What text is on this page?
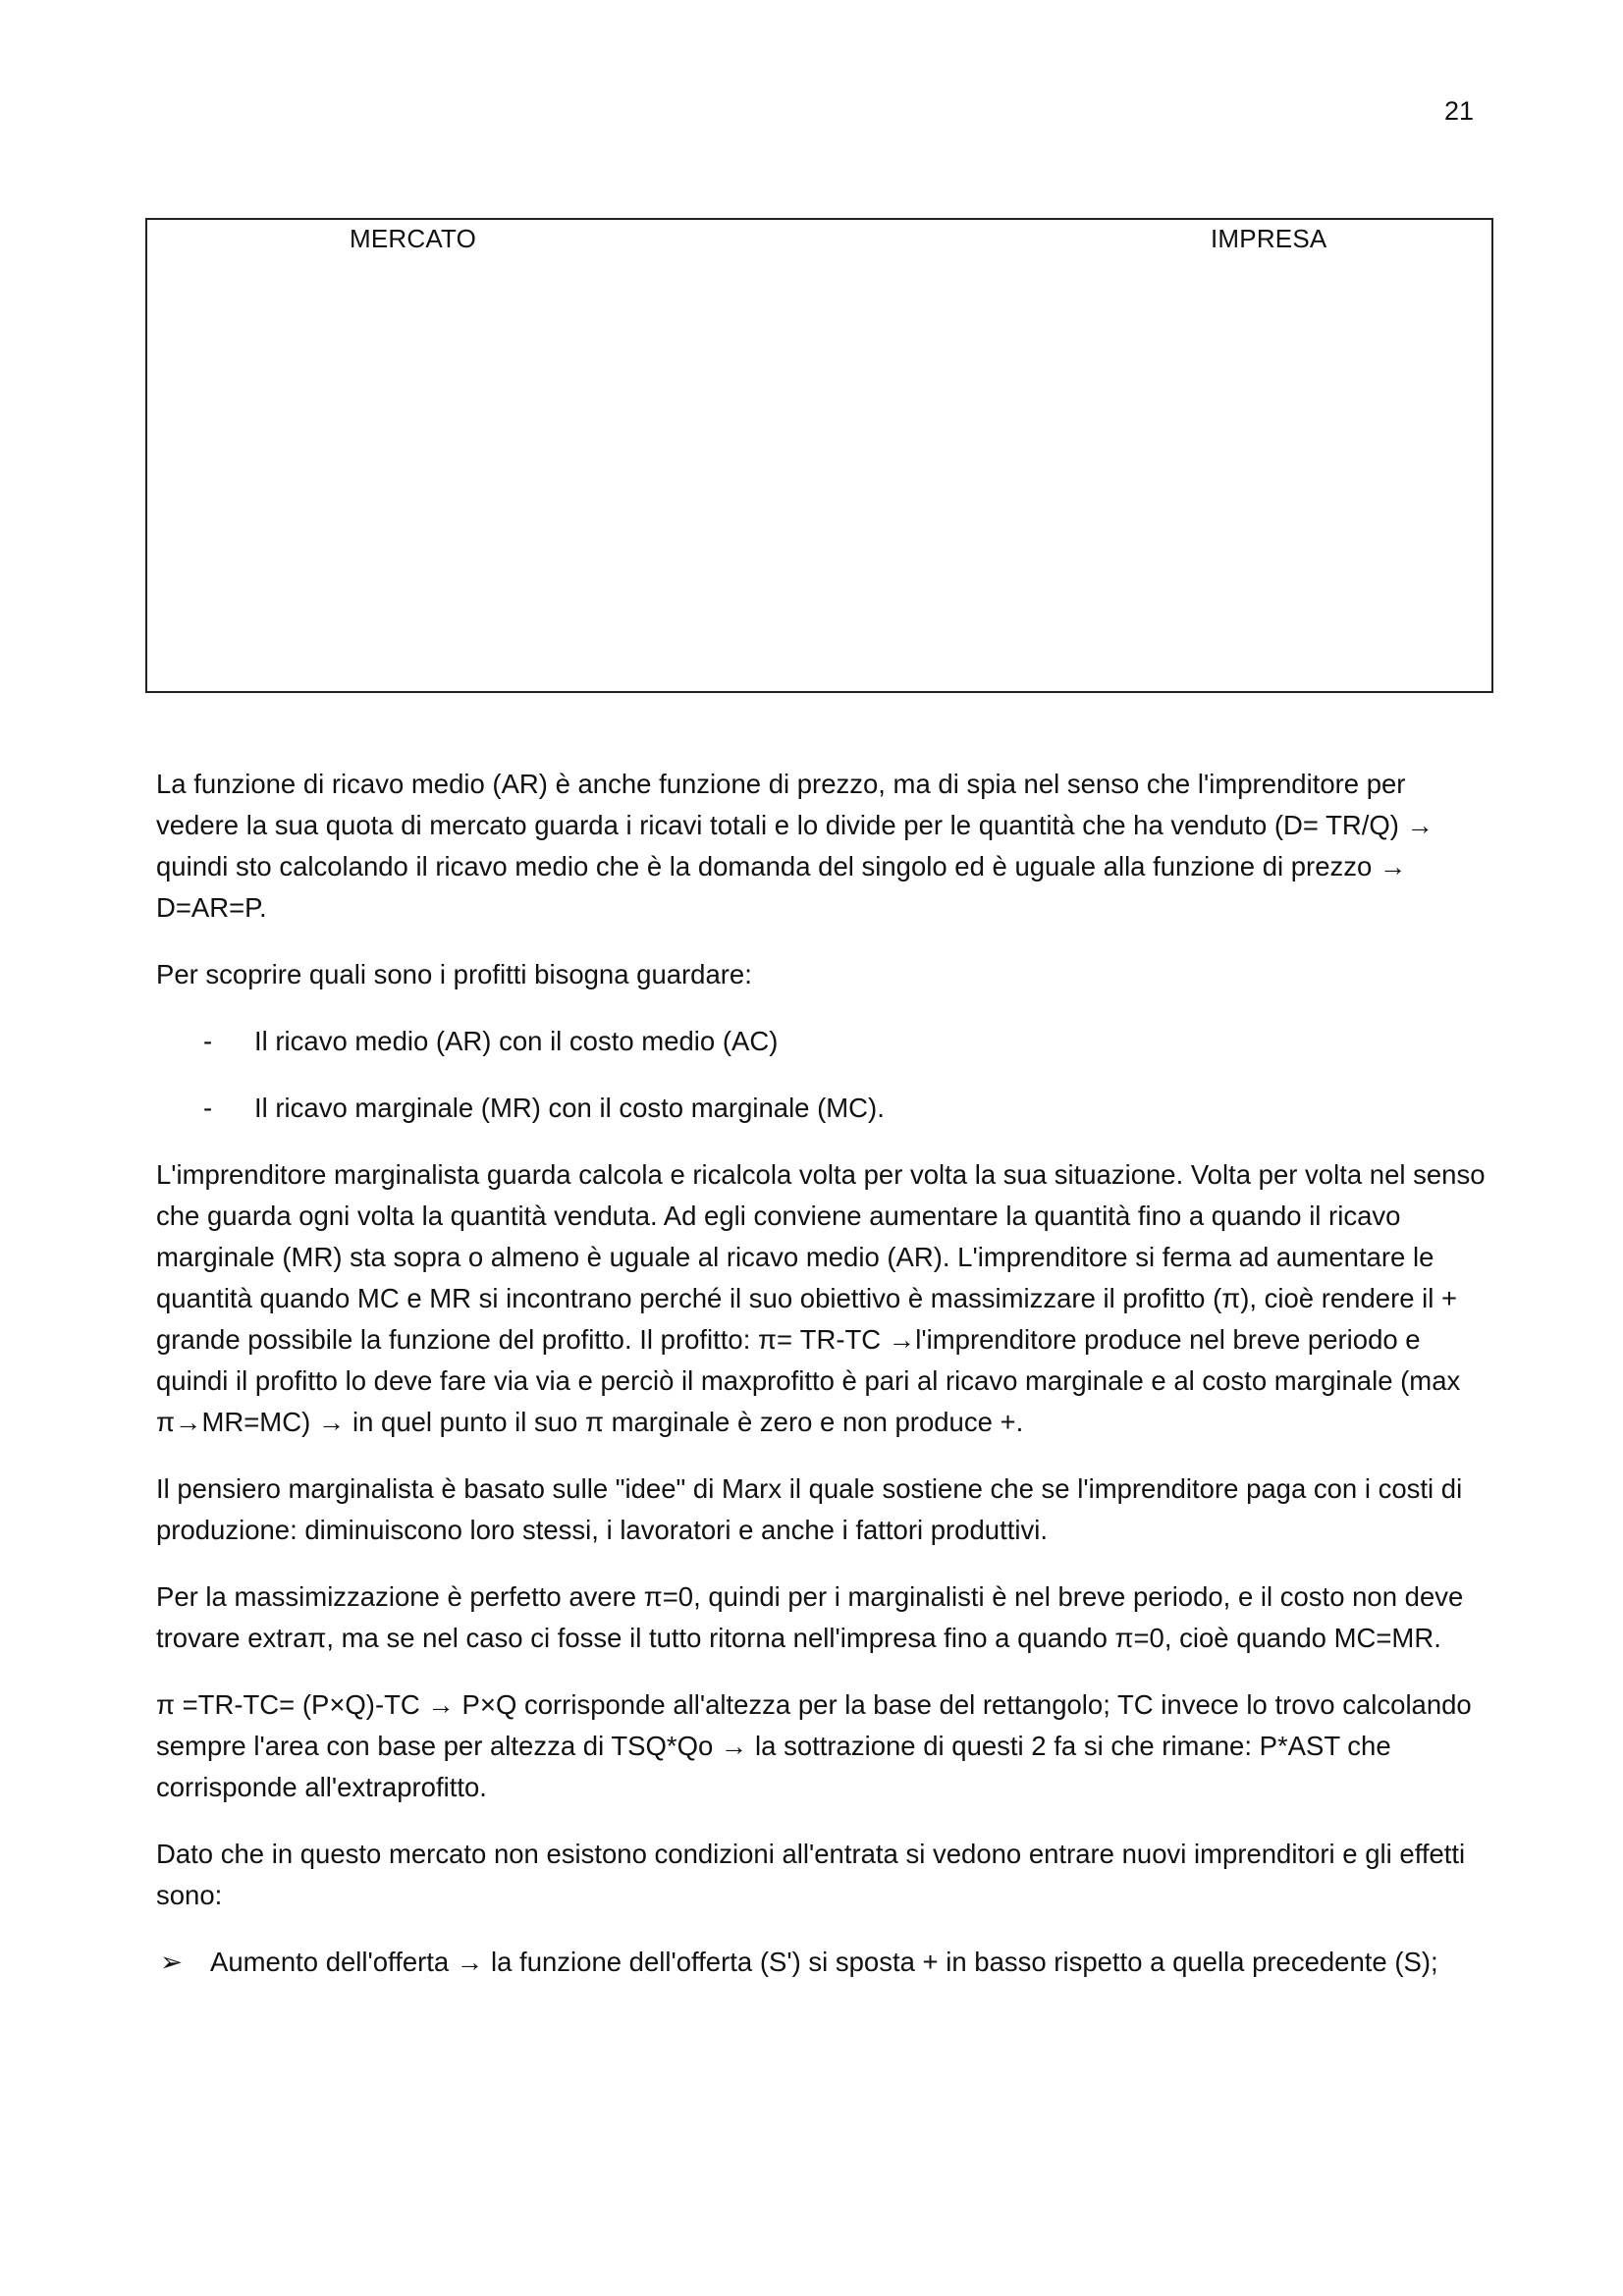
21
MERCATO	IMPRESA

La funzione di ricavo medio (AR) è anche funzione di prezzo, ma di spia nel senso che l'imprenditore per vedere la sua quota di mercato guarda i ricavi totali e lo divide per le quantità che ha venduto (D= TR/Q) → quindi sto calcolando il ricavo medio che è la domanda del singolo ed è uguale alla funzione di prezzo → D=AR=P.

Per scoprire quali sono i profitti bisogna guardare:

- Il ricavo medio (AR) con il costo medio (AC)
- Il ricavo marginale (MR) con il costo marginale (MC).

L'imprenditore marginalista guarda calcola e ricalcola volta per volta la sua situazione. Volta per volta nel senso che guarda ogni volta la quantità venduta. Ad egli conviene aumentare la quantità fino a quando il ricavo marginale (MR) sta sopra o almeno è uguale al ricavo medio (AR). L'imprenditore si ferma ad aumentare le quantità quando MC e MR si incontrano perché il suo obiettivo è massimizzare il profitto (π), cioè rendere il + grande possibile la funzione del profitto. Il profitto: π= TR-TC →l'imprenditore produce nel breve periodo e quindi il profitto lo deve fare via via e perciò il maxprofitto è pari al ricavo marginale e al costo marginale (max π→MR=MC) → in quel punto il suo π marginale è zero e non produce +.

Il pensiero marginalista è basato sulle "idee" di Marx il quale sostiene che se l'imprenditore paga con i costi di produzione: diminuiscono loro stessi, i lavoratori e anche i fattori produttivi.

Per la massimizzazione è perfetto avere π=0, quindi per i marginalisti è nel breve periodo, e il costo non deve trovare extraπ, ma se nel caso ci fosse il tutto ritorna nell'impresa fino a quando π=0, cioè quando MC=MR.

π =TR-TC= (P×Q)-TC → P×Q corrisponde all'altezza per la base del rettangolo; TC invece lo trovo calcolando sempre l'area con base per altezza di TSQ*Qo → la sottrazione di questi 2 fa si che rimane: P*AST che corrisponde all'extraprofitto.

Dato che in questo mercato non esistono condizioni all'entrata si vedono entrare nuovi imprenditori e gli effetti sono:

➢ Aumento dell'offerta → la funzione dell'offerta (S') si sposta + in basso rispetto a quella precedente (S);
